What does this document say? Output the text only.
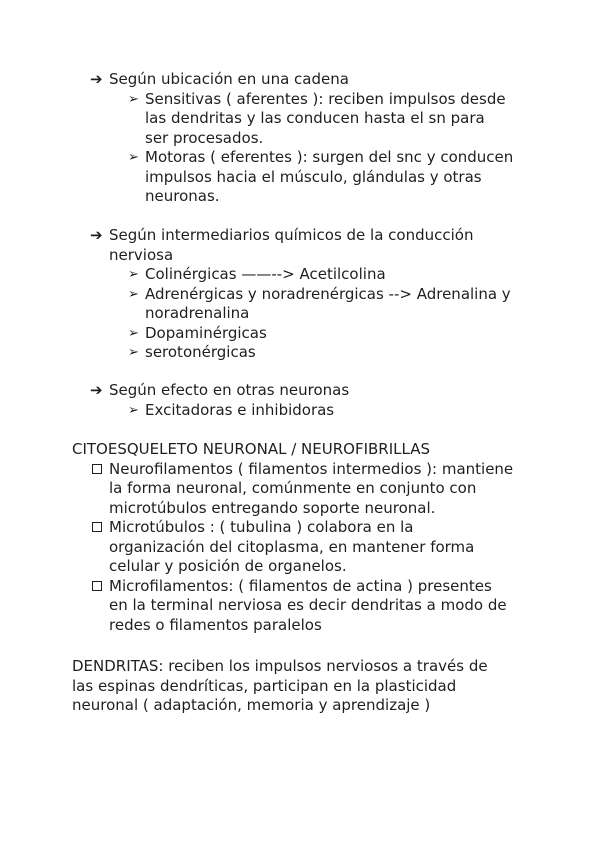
➔ Según ubicación en una cadena
➢ Sensitivas ( aferentes ): reciben impulsos desde
las dendritas y las conducen hasta el sn para
ser procesados.
➢ Motoras ( eferentes ): surgen del snc y conducen
impulsos hacia el músculo, glándulas y otras
neuronas.
➔ Según intermediarios químicos de la conducción
nerviosa
➢ Colinérgicas ——--> Acetilcolina
➢ Adrenérgicas y noradrenérgicas --> Adrenalina y
noradrenalina
➢ Dopaminérgicas
➢ serotonérgicas
➔ Según efecto en otras neuronas
➢ Excitadoras e inhibidoras
CITOESQUELETO NEURONAL / NEUROFIBRILLAS
Neurofilamentos ( filamentos intermedios ): mantiene
la forma neuronal, comúnmente en conjunto con
microtúbulos entregando soporte neuronal.
Microtúbulos : ( tubulina ) colabora en la
organización del citoplasma, en mantener forma
celular y posición de organelos.
Microfilamentos: ( filamentos de actina ) presentes
en la terminal nerviosa es decir dendritas a modo de
redes o filamentos paralelos
DENDRITAS: reciben los impulsos nerviosos a través de
las espinas dendríticas, participan en la plasticidad
neuronal ( adaptación, memoria y aprendizaje )
